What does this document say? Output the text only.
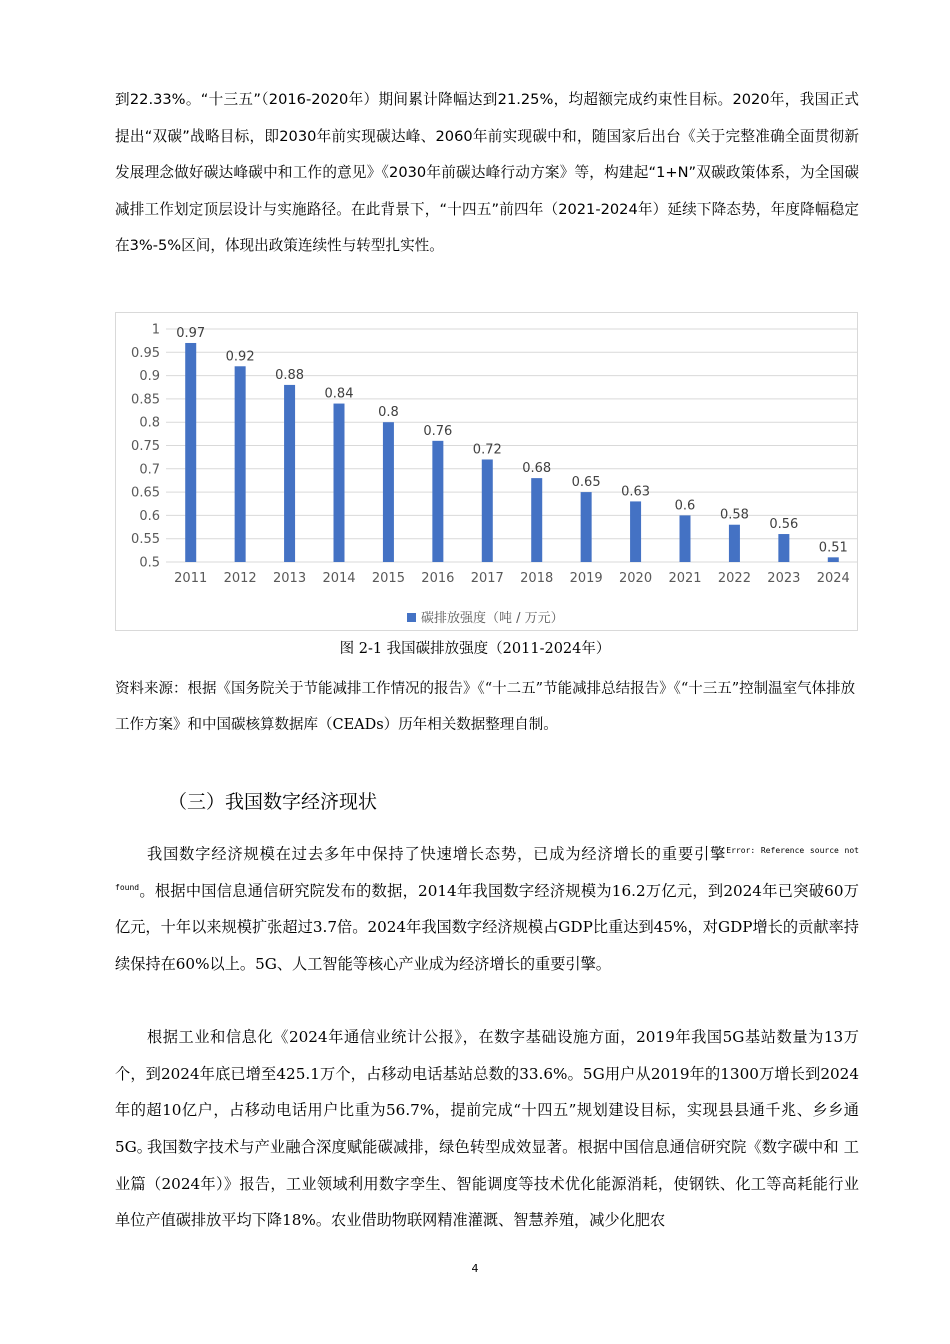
到22.33%。“十三五”（2016-2020年）期间累计降幅达到21.25%，均超额完成约束性目标。2020年，我国正式提出“双碳”战略目标，即2030年前实现碳达峰、2060年前实现碳中和，随国家后出台《关于完整准确全面贯彻新发展理念做好碳达峰碳中和工作的意见》《2030年前碳达峰行动方案》等，构建起“1+N”双碳政策体系，为全国碳减排工作划定顶层设计与实施路径。在此背景下，“十四五”前四年（2021-2024年）延续下降态势，年度降幅稳定在3%-5%区间，体现出政策连续性与转型扎实性。

0.5
0.55
0.6
0.65
0.7
0.75
0.8
0.85
0.9
0.95
1 0.97
2011
0.92
2012
0.88
2013
0.84
2014
0.8
2015
0.76
2016
0.72
2017
0.68
2018
0.65
2019
0.63
2020
0.6
2021
0.58
2022
0.56
2023
0.51
2024
碳排放强度（吨 / 万元）
图 2-1 我国碳排放强度（2011-2024年）

资料来源：根据《国务院关于节能减排工作情况的报告》《“十二五”节能减排总结报告》《“十三五”控制温室气体排放工作方案》和中国碳核算数据库（CEADs）历年相关数据整理自制。

（三）我国数字经济现状

我国数字经济规模在过去多年中保持了快速增长态势，已成为经济增长的重要引擎$^{Error: Reference source not found}$。根据中国信息通信研究院发布的数据，2014年我国数字经济规模为16.2万亿元，到2024年已突破60万亿元，十年以来规模扩张超过3.7倍。2024年我国数字经济规模占GDP比重达到45%，对GDP增长的贡献率持续保持在60%以上。5G、人工智能等核心产业成为经济增长的重要引擎。

根据工业和信息化《2024年通信业统计公报》，在数字基础设施方面，2019年我国5G基站数量为13万个，到2024年底已增至425.1万个，占移动电话基站总数的33.6%。5G用户从2019年的1300万增长到2024年的超10亿户，占移动电话用户比重为56.7%，提前完成“十四五”规划建设目标，实现县县通千兆、乡乡通5G。

我国数字技术与产业融合深度赋能碳减排，绿色转型成效显著。根据中国信息通信研究院《数字碳中和 工业篇（2024年）》报告，工业领域利用数字孪生、智能调度等技术优化能源消耗，使钢铁、化工等高耗能行业单位产值碳排放平均下降18%。农业借助物联网精准灌溉、智慧养殖，减少化肥农

4
